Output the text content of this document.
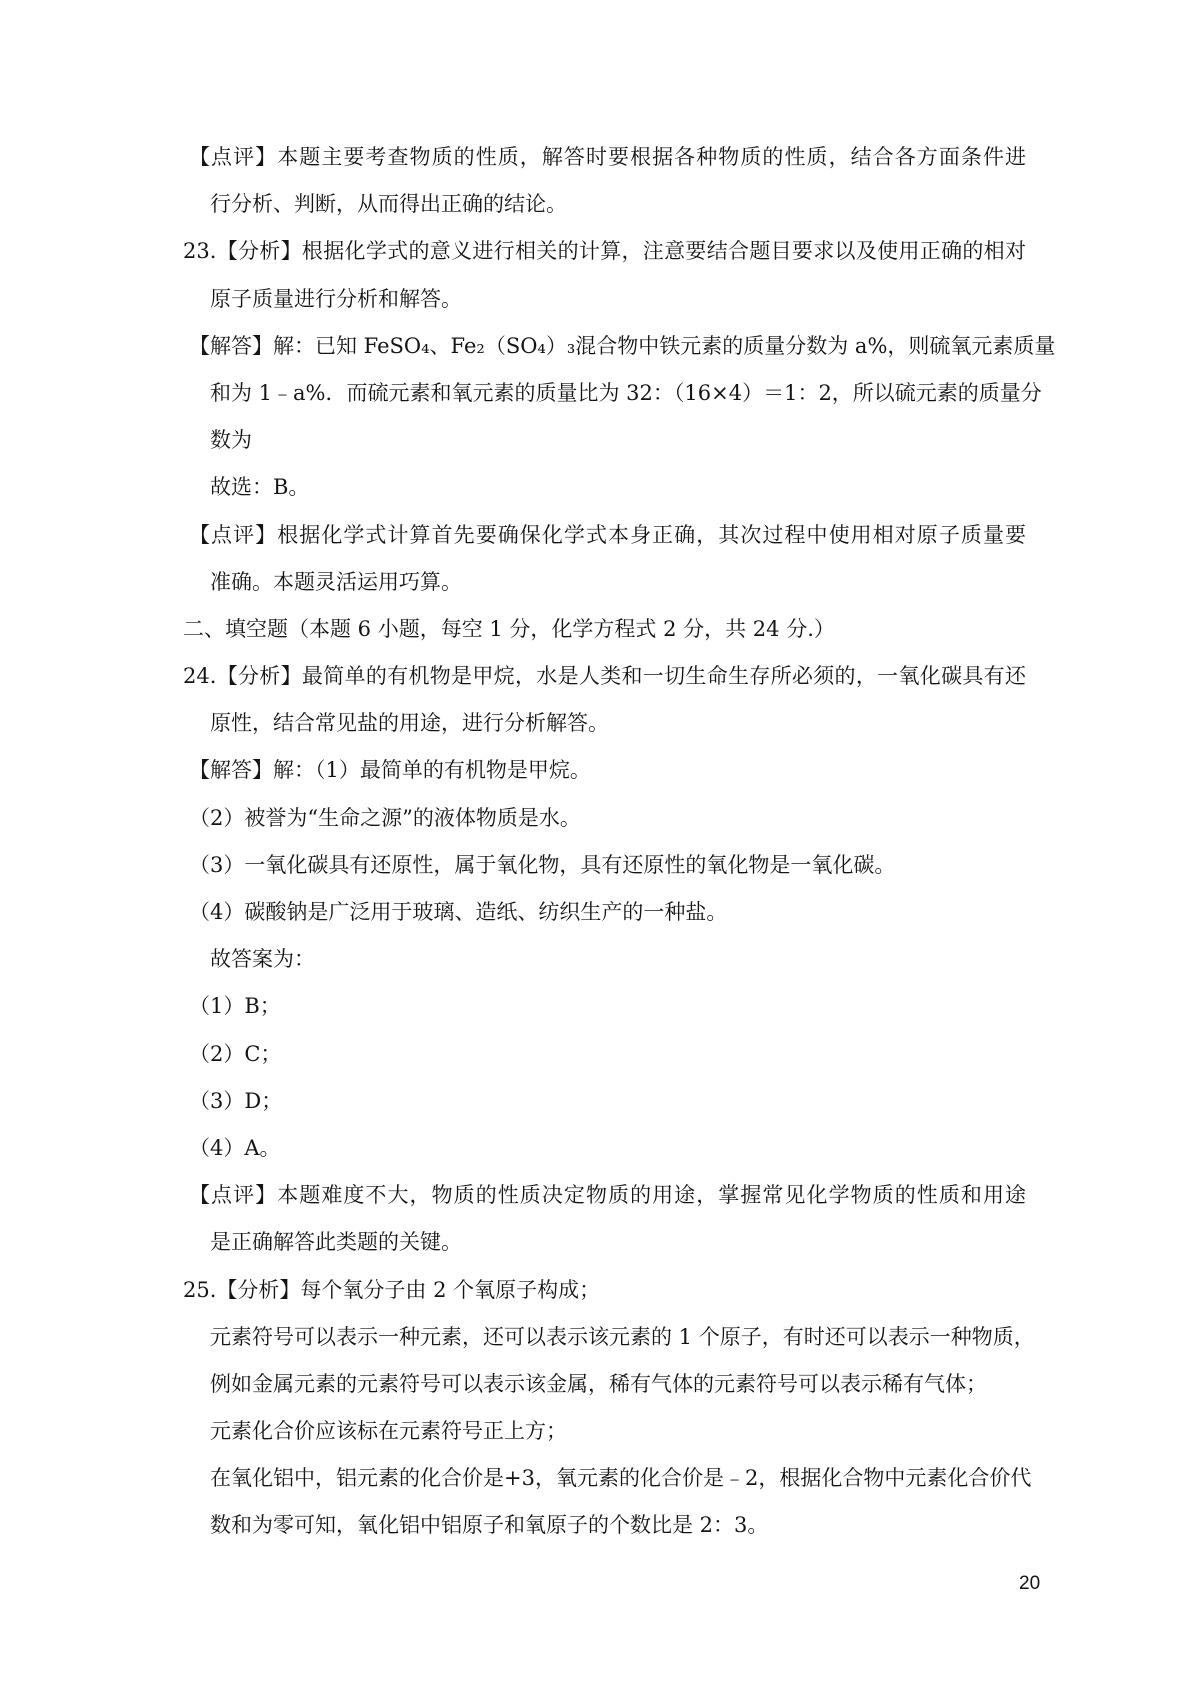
【点评】本题主要考查物质的性质，解答时要根据各种物质的性质，结合各方面条件进
行分析、判断，从而得出正确的结论。
23.【分析】根据化学式的意义进行相关的计算，注意要结合题目要求以及使用正确的相对
原子质量进行分析和解答。
【解答】解：已知 FeSO₄、Fe₂（SO₄）₃混合物中铁元素的质量分数为 a%，则硫氧元素质量
和为 1﹣a%．而硫元素和氧元素的质量比为 32：（16×4）＝1：2，所以硫元素的质量分
数为
故选：B。
【点评】根据化学式计算首先要确保化学式本身正确，其次过程中使用相对原子质量要
准确。本题灵活运用巧算。
二、填空题（本题 6 小题，每空 1 分，化学方程式 2 分，共 24 分.）
24.【分析】最简单的有机物是甲烷，水是人类和一切生命生存所必须的，一氧化碳具有还
原性，结合常见盐的用途，进行分析解答。
【解答】解：（1）最简单的有机物是甲烷。
（2）被誉为“生命之源”的液体物质是水。
（3）一氧化碳具有还原性，属于氧化物，具有还原性的氧化物是一氧化碳。
（4）碳酸钠是广泛用于玻璃、造纸、纺织生产的一种盐。
故答案为：
（1）B；
（2）C；
（3）D；
（4）A。
【点评】本题难度不大，物质的性质决定物质的用途，掌握常见化学物质的性质和用途
是正确解答此类题的关键。
25.【分析】每个氧分子由 2 个氧原子构成；
元素符号可以表示一种元素，还可以表示该元素的 1 个原子，有时还可以表示一种物质，
例如金属元素的元素符号可以表示该金属，稀有气体的元素符号可以表示稀有气体；
元素化合价应该标在元素符号正上方；
在氧化铝中，铝元素的化合价是+3，氧元素的化合价是﹣2，根据化合物中元素化合价代
数和为零可知，氧化铝中铝原子和氧原子的个数比是 2：3。
20
